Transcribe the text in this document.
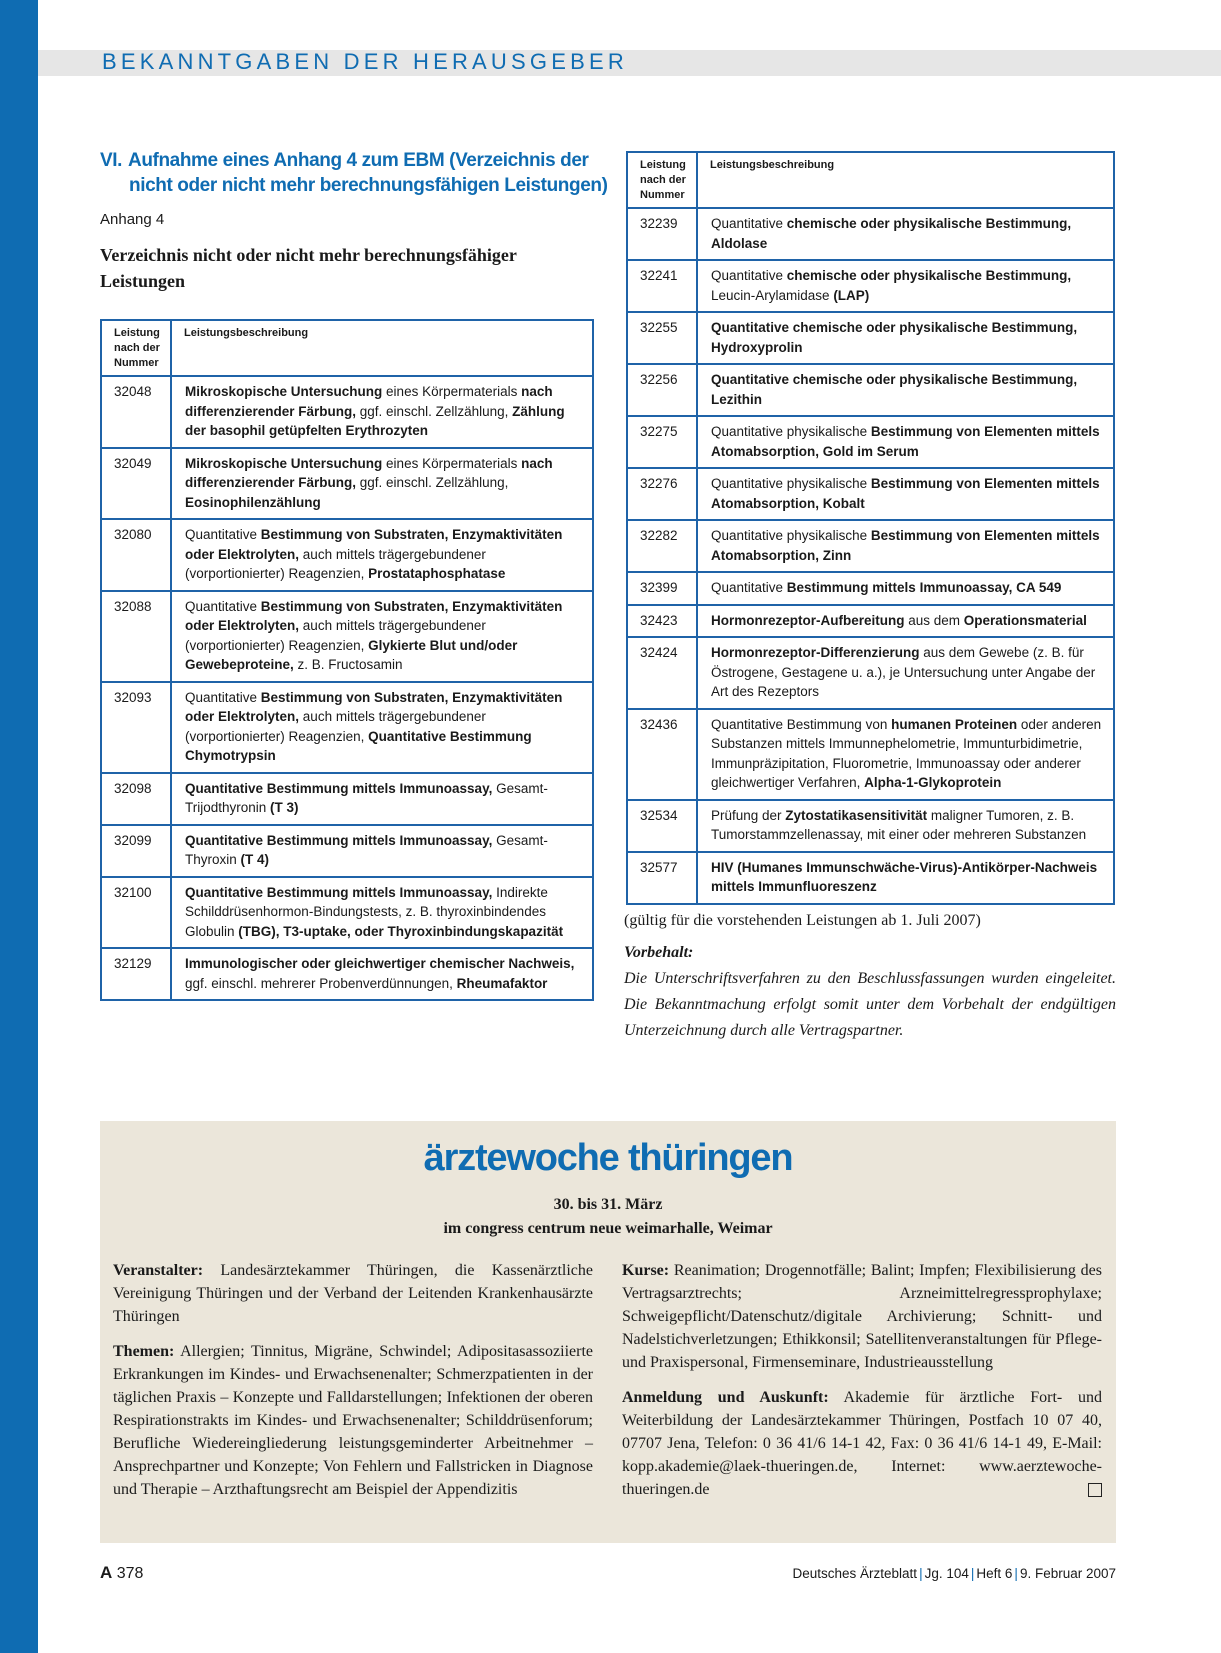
BEKANNTGABEN DER HERAUSGEBER
VI. Aufnahme eines Anhang 4 zum EBM (Verzeichnis der
nicht oder nicht mehr berechnungsfähigen Leistungen)
Anhang 4
Verzeichnis nicht oder nicht mehr berechnungsfähiger Leistungen
Leistung nach der Nummer	Leistungsbeschreibung
32048	Mikroskopische Untersuchung eines Körpermaterials nach differenzierender Färbung, ggf. einschl. Zellzählung, Zählung der basophil getüpfelten Erythrozyten
32049	Mikroskopische Untersuchung eines Körpermaterials nach differenzierender Färbung, ggf. einschl. Zellzählung, Eosinophilenzählung
32080	Quantitative Bestimmung von Substraten, Enzymaktivitäten oder Elektrolyten, auch mittels trägergebundener (vorportionierter) Reagenzien, Prostataphosphatase
32088	Quantitative Bestimmung von Substraten, Enzymaktivitäten oder Elektrolyten, auch mittels trägergebundener (vorportionierter) Reagenzien, Glykierte Blut und/oder Gewebeproteine, z. B. Fructosamin
32093	Quantitative Bestimmung von Substraten, Enzymaktivitäten oder Elektrolyten, auch mittels trägergebundener (vorportionierter) Reagenzien, Quantitative Bestimmung Chymotrypsin
32098	Quantitative Bestimmung mittels Immunoassay, Gesamt-Trijodthyronin (T 3)
32099	Quantitative Bestimmung mittels Immunoassay, Gesamt-Thyroxin (T 4)
32100	Quantitative Bestimmung mittels Immunoassay, Indirekte Schilddrüsenhormon-Bindungstests, z. B. thyroxinbindendes Globulin (TBG), T3-uptake, oder Thyroxinbindungskapazität
32129	Immunologischer oder gleichwertiger chemischer Nachweis, ggf. einschl. mehrerer Probenverdünnungen, Rheumafaktor
Leistung nach der Nummer	Leistungsbeschreibung
32239	Quantitative chemische oder physikalische Bestimmung, Aldolase
32241	Quantitative chemische oder physikalische Bestimmung, Leucin-Arylamidase (LAP)
32255	Quantitative chemische oder physikalische Bestimmung, Hydroxyprolin
32256	Quantitative chemische oder physikalische Bestimmung, Lezithin
32275	Quantitative physikalische Bestimmung von Elementen mittels Atomabsorption, Gold im Serum
32276	Quantitative physikalische Bestimmung von Elementen mittels Atomabsorption, Kobalt
32282	Quantitative physikalische Bestimmung von Elementen mittels Atomabsorption, Zinn
32399	Quantitative Bestimmung mittels Immunoassay, CA 549
32423	Hormonrezeptor-Aufbereitung aus dem Operationsmaterial
32424	Hormonrezeptor-Differenzierung aus dem Gewebe (z. B. für Östrogene, Gestagene u. a.), je Untersuchung unter Angabe der Art des Rezeptors
32436	Quantitative Bestimmung von humanen Proteinen oder anderen Substanzen mittels Immunnephelometrie, Immunturbidimetrie, Immunpräzipitation, Fluorometrie, Immunoassay oder anderer gleichwertiger Verfahren, Alpha-1-Glykoprotein
32534	Prüfung der Zytostatikasensitivität maligner Tumoren, z. B. Tumorstammzellenassay, mit einer oder mehreren Substanzen
32577	HIV (Humanes Immunschwäche-Virus)-Antikörper-Nachweis mittels Immunfluoreszenz

(gültig für die vorstehenden Leistungen ab 1. Juli 2007)

Vorbehalt:

Die Unterschriftsverfahren zu den Beschlussfassungen wurden eingeleitet. Die Bekanntmachung erfolgt somit unter dem Vorbehalt der endgültigen Unterzeichnung durch alle Vertragspartner.

ärztewoche thüringen
30. bis 31. März
im congress centrum neue weimarhalle, Weimar

Veranstalter: Landesärztekammer Thüringen, die Kassenärztliche Vereinigung Thüringen und der Verband der Leitenden Krankenhausärzte Thüringen

Themen: Allergien; Tinnitus, Migräne, Schwindel; Adipositasassoziierte Erkrankungen im Kindes- und Erwachsenenalter; Schmerzpatienten in der täglichen Praxis – Konzepte und Falldarstellungen; Infektionen der oberen Respirationstrakts im Kindes- und Erwachsenenalter; Schilddrüsenforum; Berufliche Wiedereingliederung leistungsgeminderter Arbeitnehmer – Ansprechpartner und Konzepte; Von Fehlern und Fallstricken in Diagnose und Therapie – Arzthaftungsrecht am Beispiel der Appendizitis

Kurse: Reanimation; Drogennotfälle; Balint; Impfen; Flexibilisierung des Vertragsarztrechts; Arzneimittelregressprophylaxe; Schweigepflicht/Datenschutz/digitale Archivierung; Schnitt- und Nadelstichverletzungen; Ethikkonsil; Satellitenveranstaltungen für Pflege- und Praxispersonal, Firmenseminare, Industrieausstellung

Anmeldung und Auskunft: Akademie für ärztliche Fort- und Weiterbildung der Landesärztekammer Thüringen, Postfach 10 07 40, 07707 Jena, Telefon: 0 36 41/6 14-1 42, Fax: 0 36 41/6 14-1 49, E-Mail: kopp.akademie@laek-thueringen.de, Internet: www.aerztewoche-thueringen.de

A 378	Deutsches Ärzteblatt | Jg. 104 | Heft 6 | 9. Februar 2007
